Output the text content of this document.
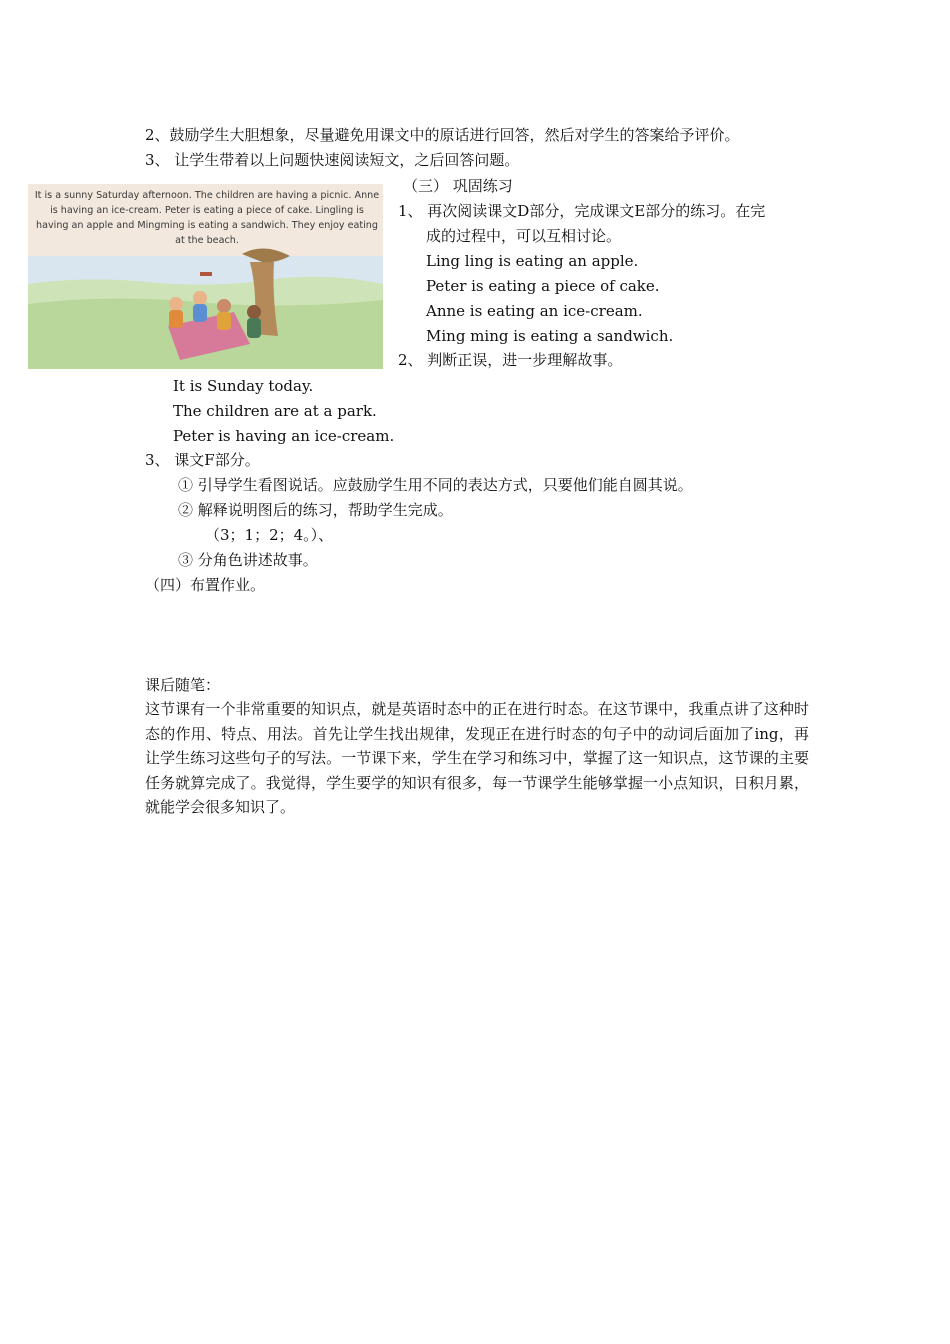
2、鼓励学生大胆想象，尽量避免用课文中的原话进行回答，然后对学生的答案给予评价。
3、 让学生带着以上问题快速阅读短文，之后回答问题。
It is a sunny Saturday afternoon. The children are having a picnic. Anne is having an ice-cream. Peter is eating a piece of cake. Lingling is having an apple and Mingming is eating a sandwich. They enjoy eating at the beach.
（三） 巩固练习
1、 再次阅读课文D部分，完成课文E部分的练习。在完
成的过程中，可以互相讨论。
Ling ling is eating an apple.
Peter is eating a piece of cake.
Anne is eating an ice-cream.
Ming ming is eating a sandwich.
2、 判断正误，进一步理解故事。
It is Sunday today.
The children are at a park.
Peter is having an ice-cream.
3、 课文F部分。
① 引导学生看图说话。应鼓励学生用不同的表达方式，只要他们能自圆其说。
② 解释说明图后的练习，帮助学生完成。
（3；1；2；4。）、
③ 分角色讲述故事。
（四）布置作业。
课后随笔：
这节课有一个非常重要的知识点，就是英语时态中的正在进行时态。在这节课中，我重点讲了这种时态的作用、特点、用法。首先让学生找出规律，发现正在进行时态的句子中的动词后面加了ing，再让学生练习这些句子的写法。一节课下来，学生在学习和练习中，掌握了这一知识点，这节课的主要任务就算完成了。我觉得，学生要学的知识有很多，每一节课学生能够掌握一小点知识，日积月累，就能学会很多知识了。
